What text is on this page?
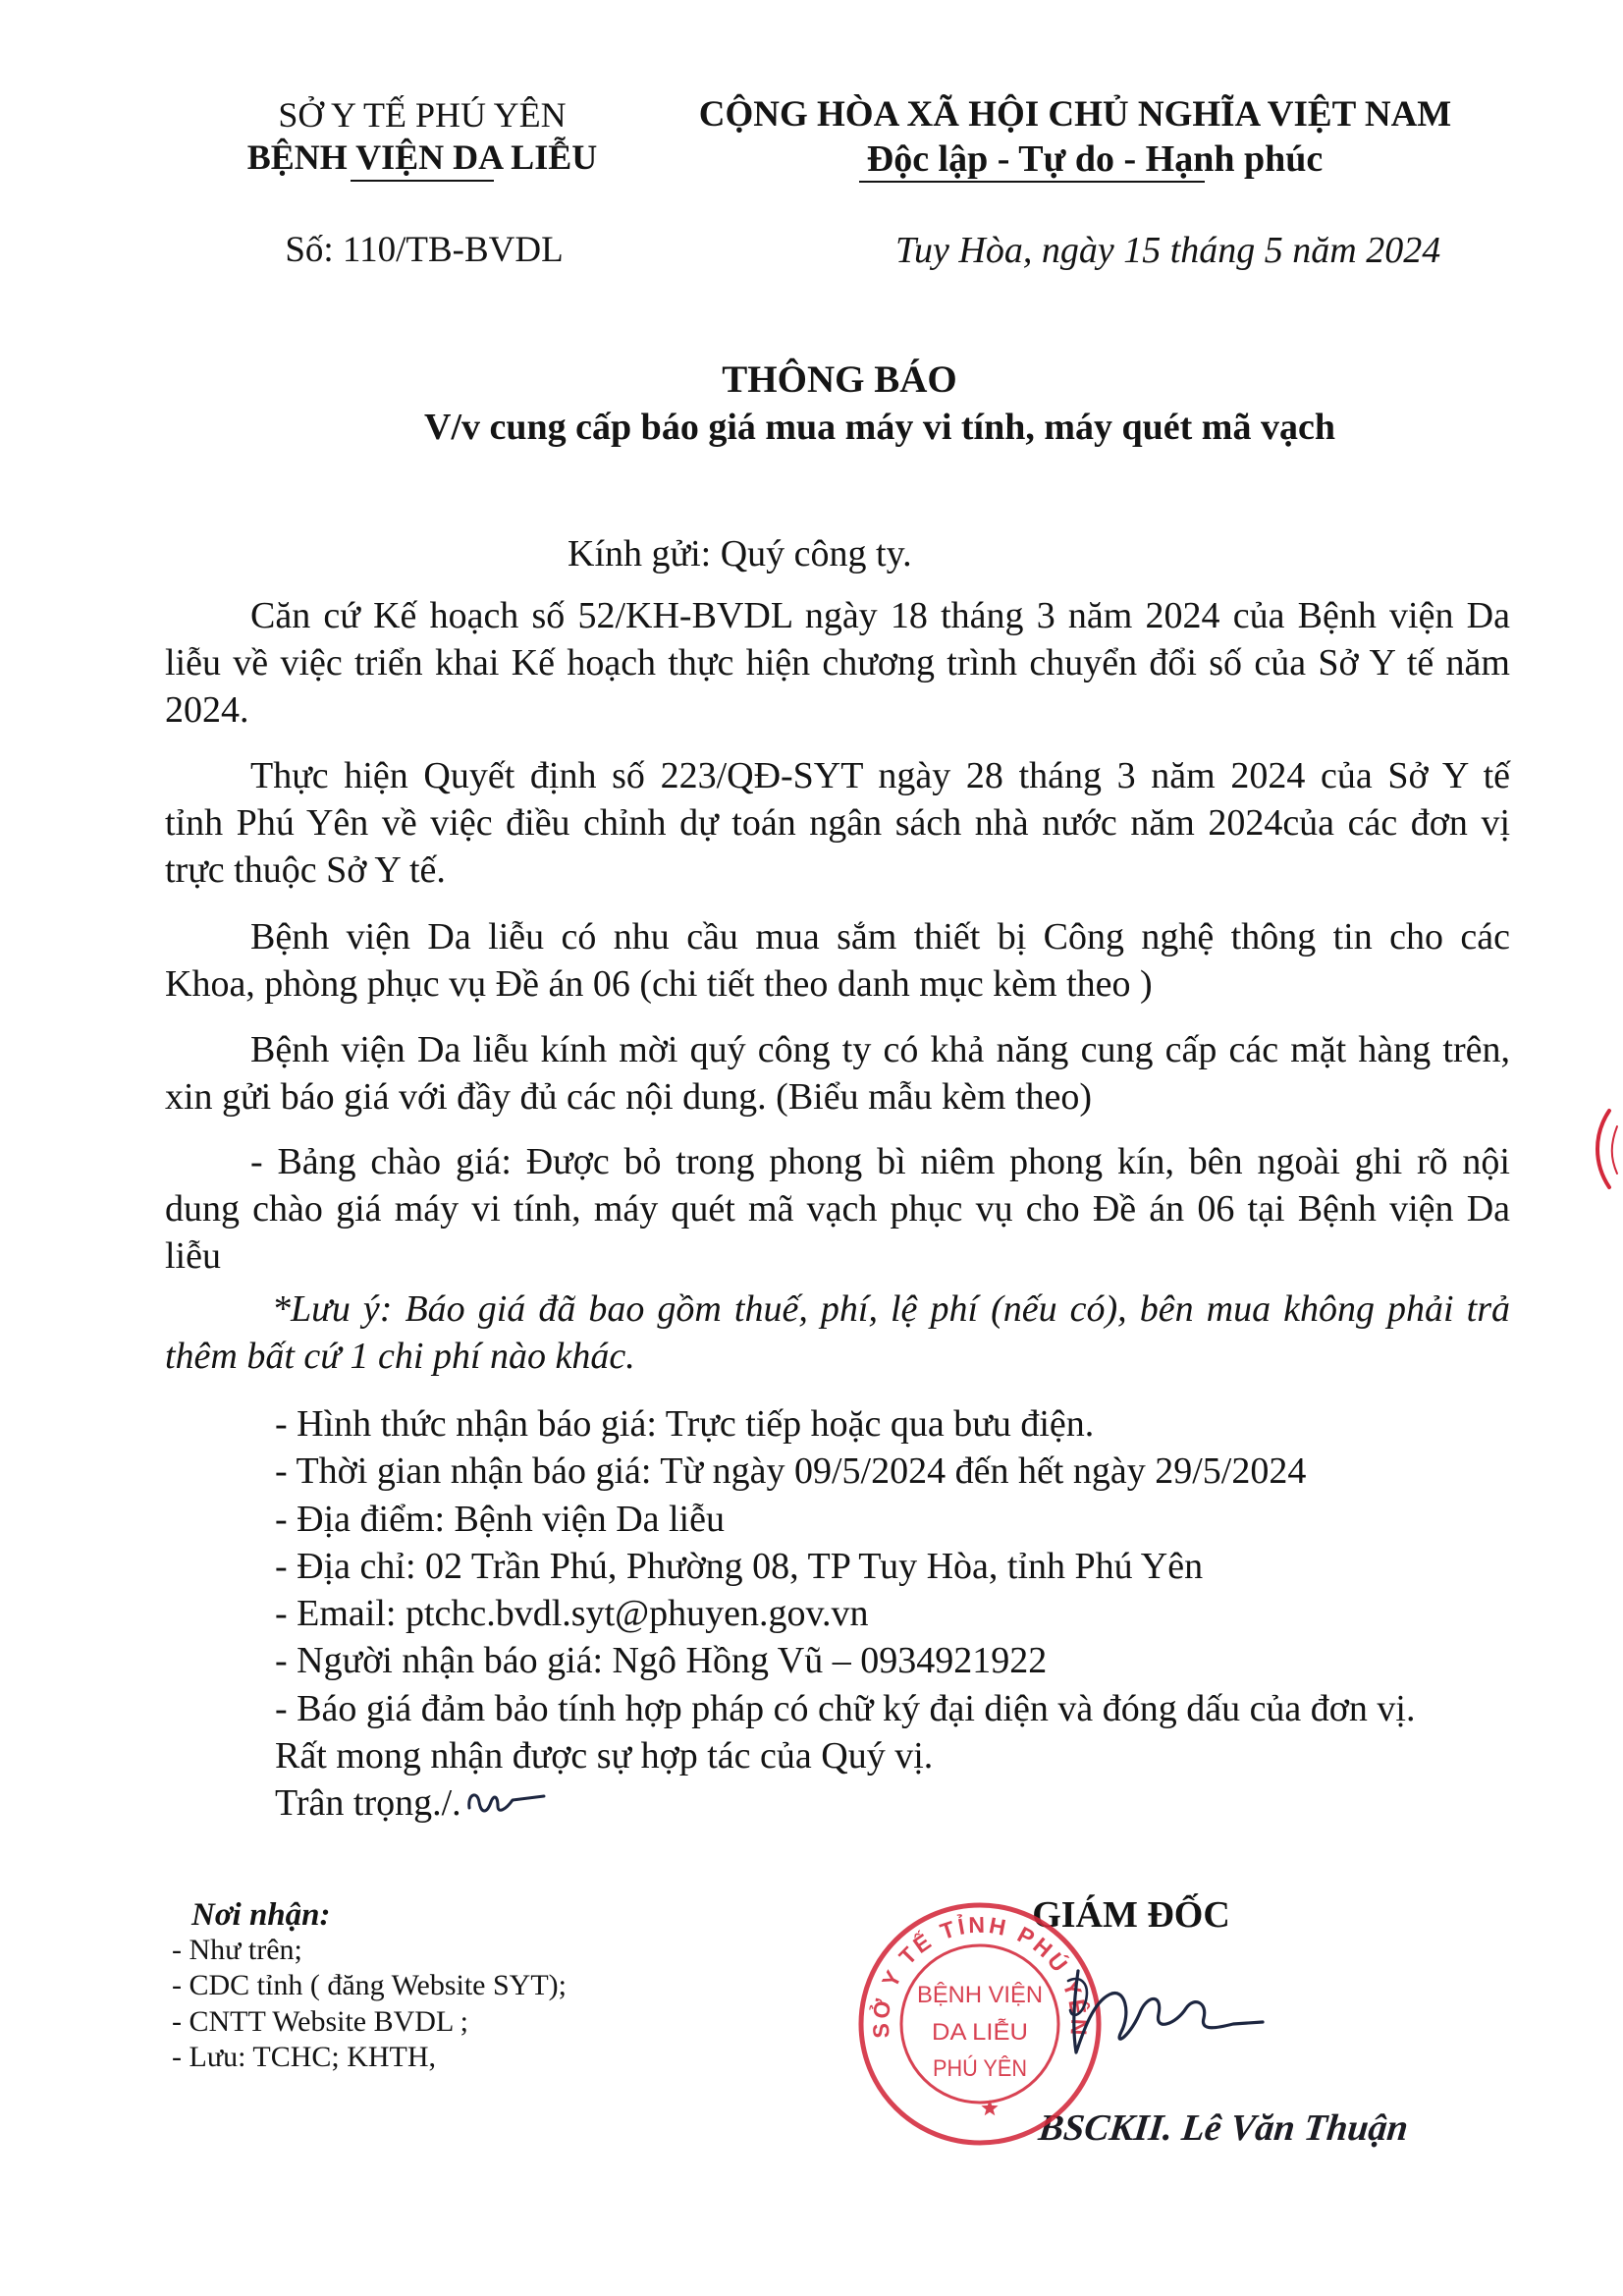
SỞ Y TẾ PHÚ YÊN
BỆNH VIỆN DA LIỄU
Số: 110/TB-BVDL
CỘNG HÒA XÃ HỘI CHỦ NGHĨA VIỆT NAM
Độc lập - Tự do - Hạnh phúc
Tuy Hòa, ngày 15 tháng 5 năm 2024
THÔNG BÁO
V/v cung cấp báo giá mua máy vi tính, máy quét mã vạch
Kính gửi: Quý công ty.
Căn cứ Kế hoạch số 52/KH-BVDL ngày 18 tháng 3 năm 2024 của Bệnh viện Da
liễu về việc triển khai Kế hoạch thực hiện chương trình chuyển đổi số của Sở Y tế năm
2024.
Thực hiện Quyết định số 223/QĐ-SYT ngày 28 tháng 3 năm 2024 của Sở Y tế
tỉnh Phú Yên về việc điều chỉnh dự toán ngân sách nhà nước năm 2024của các đơn vị
trực thuộc Sở Y tế.
Bệnh viện Da liễu có nhu cầu mua sắm thiết bị Công nghệ thông tin cho các
Khoa, phòng phục vụ Đề án 06 (chi tiết theo danh mục kèm theo )
Bệnh viện Da liễu kính mời quý công ty có khả năng cung cấp các mặt hàng trên,
xin gửi báo giá với đầy đủ các nội dung. (Biểu mẫu kèm theo)
- Bảng chào giá: Được bỏ trong phong bì niêm phong kín, bên ngoài ghi rõ nội
dung chào giá máy vi tính, máy quét mã vạch phục vụ cho Đề án 06 tại Bệnh viện Da
liễu
*Lưu ý: Báo giá đã bao gồm thuế, phí, lệ phí (nếu có), bên mua không phải trả
thêm bất cứ 1 chi phí nào khác.
- Hình thức nhận báo giá: Trực tiếp hoặc qua bưu điện.
- Thời gian nhận báo giá: Từ ngày 09/5/2024 đến hết ngày 29/5/2024
- Địa điểm: Bệnh viện Da liễu
- Địa chỉ: 02 Trần Phú, Phường 08, TP Tuy Hòa, tỉnh Phú Yên
- Email: ptchc.bvdl.syt@phuyen.gov.vn
- Người nhận báo giá: Ngô Hồng Vũ – 0934921922
- Báo giá đảm bảo tính hợp pháp có chữ ký đại diện và đóng dấu của đơn vị.
Rất mong nhận được sự hợp tác của Quý vị.
Trân trọng./.
Nơi nhận:
- Như trên;
- CDC tỉnh ( đăng Website SYT);
- CNTT Website BVDL ;
- Lưu: TCHC; KHTH,
GIÁM ĐỐC
BSCKII. Lê Văn Thuận
SỞ Y TẾ TỈNH PHÚ YÊN
BỆNH VIỆN
DA LIỄU
PHÚ YÊN
